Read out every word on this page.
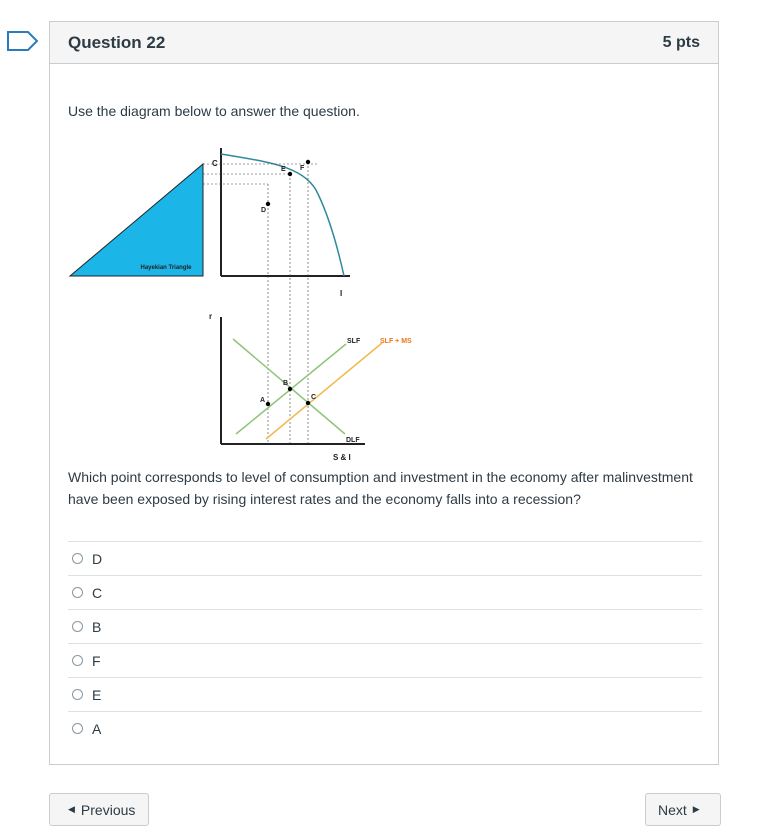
Question 22	5 pts
Use the diagram below to answer the question.
Hayekian Triangle
C
I
D
E F
r
S & I
SLF	SLF + MS
DLF
A
B
C
Which point corresponds to level of consumption and investment in the economy after malinvestment have been exposed by rising interest rates and the economy falls into a recession?
D
C
B
F
E
A
◀ Previous	Next ▶
